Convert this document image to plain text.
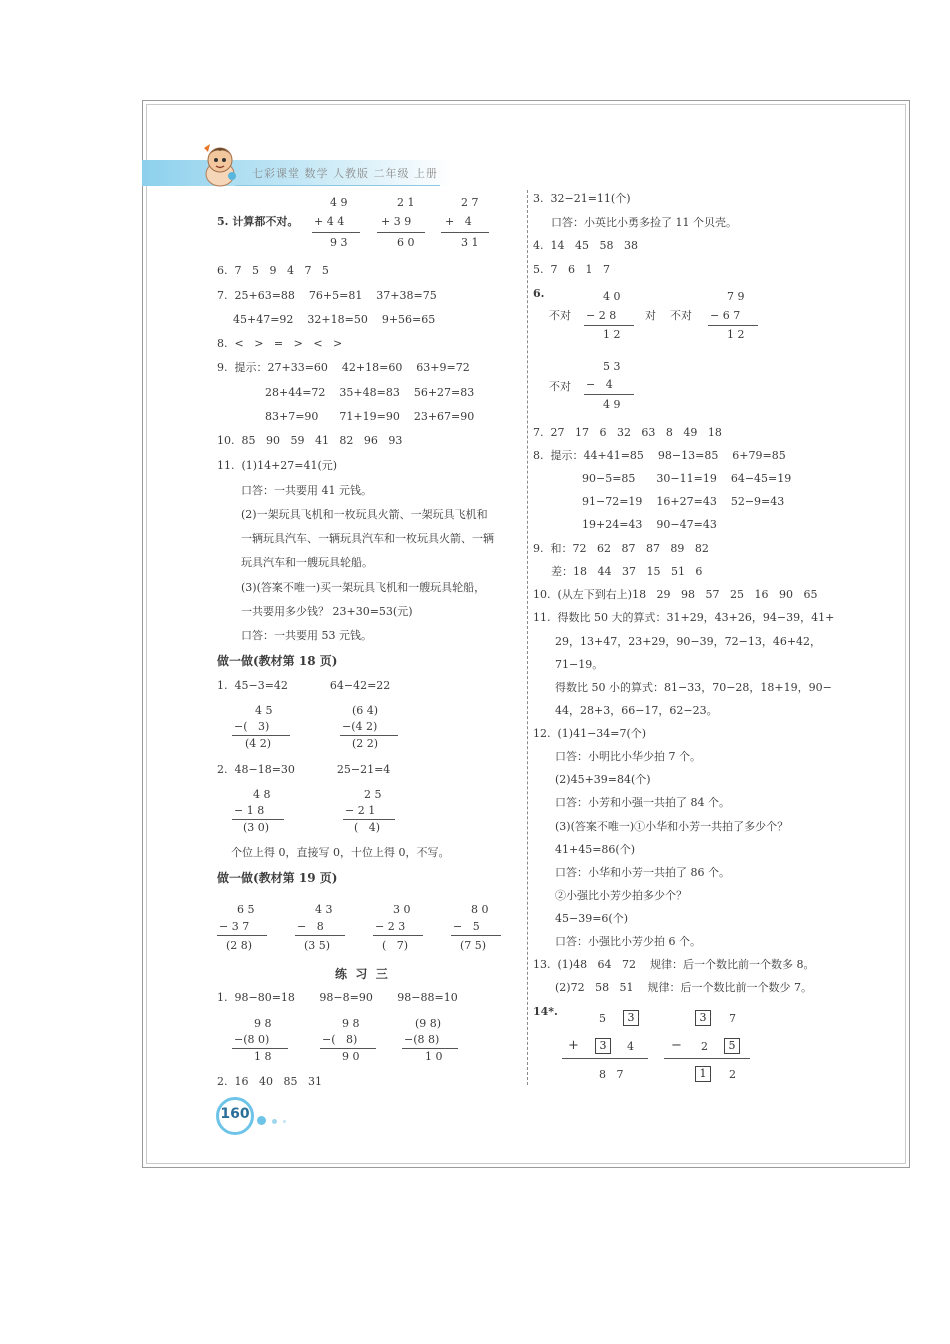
七彩课堂 数学 人教版 二年级 上册
5. 计算都不对。
4 9
+ 4 4
9 3
2 1
+ 3 9
6 0
2 7
+   4
3 1
6.  7   5   9   4   7   5
7.  25+63=88    76+5=81    37+38=75
45+47=92    32+18=50    9+56=65
8.  <   >   =   >   <   >
9.  提示：27+33=60    42+18=60    63+9=72
28+44=72    35+48=83    56+27=83
83+7=90      71+19=90    23+67=90
10.  85   90   59   41   82   96   93
11.  (1)14+27=41(元)
口答：一共要用 41 元钱。
(2)一架玩具飞机和一枚玩具火箭、一架玩具飞机和
一辆玩具汽车、一辆玩具汽车和一枚玩具火箭、一辆
玩具汽车和一艘玩具轮船。
(3)(答案不唯一)买一架玩具飞机和一艘玩具轮船，
一共要用多少钱？ 23+30=53(元)
口答：一共要用 53 元钱。
做一做(教材第 18 页)
1.  45−3=42            64−42=22
4 5
−(   3)
(4 2)
(6 4)
−(4 2)
(2 2)
2.  48−18=30            25−21=4
4 8
− 1 8
(3 0)
2 5
− 2 1
(   4)
个位上得 0，直接写 0，十位上得 0，不写。
做一做(教材第 19 页)
6 5
− 3 7
(2 8)
4 3
−   8
(3 5)
3 0
− 2 3
(   7)
8 0
−   5
(7 5)
练  习  三
1.  98−80=18       98−8=90       98−88=10
9 8
−(8 0)
1 8
9 8
−(   8)
9 0
(9 8)
−(8 8)
1 0
2.  16   40   85   31
160
3.  32−21=11(个)
口答：小英比小勇多捡了 11 个贝壳。
4.  14   45   58   38
5.  7   6   1   7
6.
不对
4 0
− 2 8
1 2
对 不对
7 9
− 6 7
1 2
不对
5 3
−   4
4 9
7.  27   17   6   32   63   8   49   18
8.  提示：44+41=85    98−13=85    6+79=85
90−5=85      30−11=19    64−45=19
91−72=19    16+27=43    52−9=43
19+24=43    90−47=43
9.  和：72   62   87   87   89   82
差：18   44   37   15   51   6
10.  (从左下到右上)18   29   98   57   25   16   90   65
11.  得数比 50 大的算式：31+29，43+26，94−39，41+
29，13+47，23+29，90−39，72−13，46+42，
71−19。
得数比 50 小的算式：81−33，70−28，18+19，90−
44，28+3，66−17，62−23。
12.  (1)41−34=7(个)
口答：小明比小华少拍 7 个。
(2)45+39=84(个)
口答：小芳和小强一共拍了 84 个。
(3)(答案不唯一)①小华和小芳一共拍了多少个？
41+45=86(个)
口答：小华和小芳一共拍了 86 个。
②小强比小芳少拍多少个？
45−39=6(个)
口答：小强比小芳少拍 6 个。
13.  (1)48   64   72    规律：后一个数比前一个数多 8。
(2)72   58   51    规律：后一个数比前一个数少 7。
14*.
5	3
+	3	4
8   7
3	7
− 2	5
1	2
